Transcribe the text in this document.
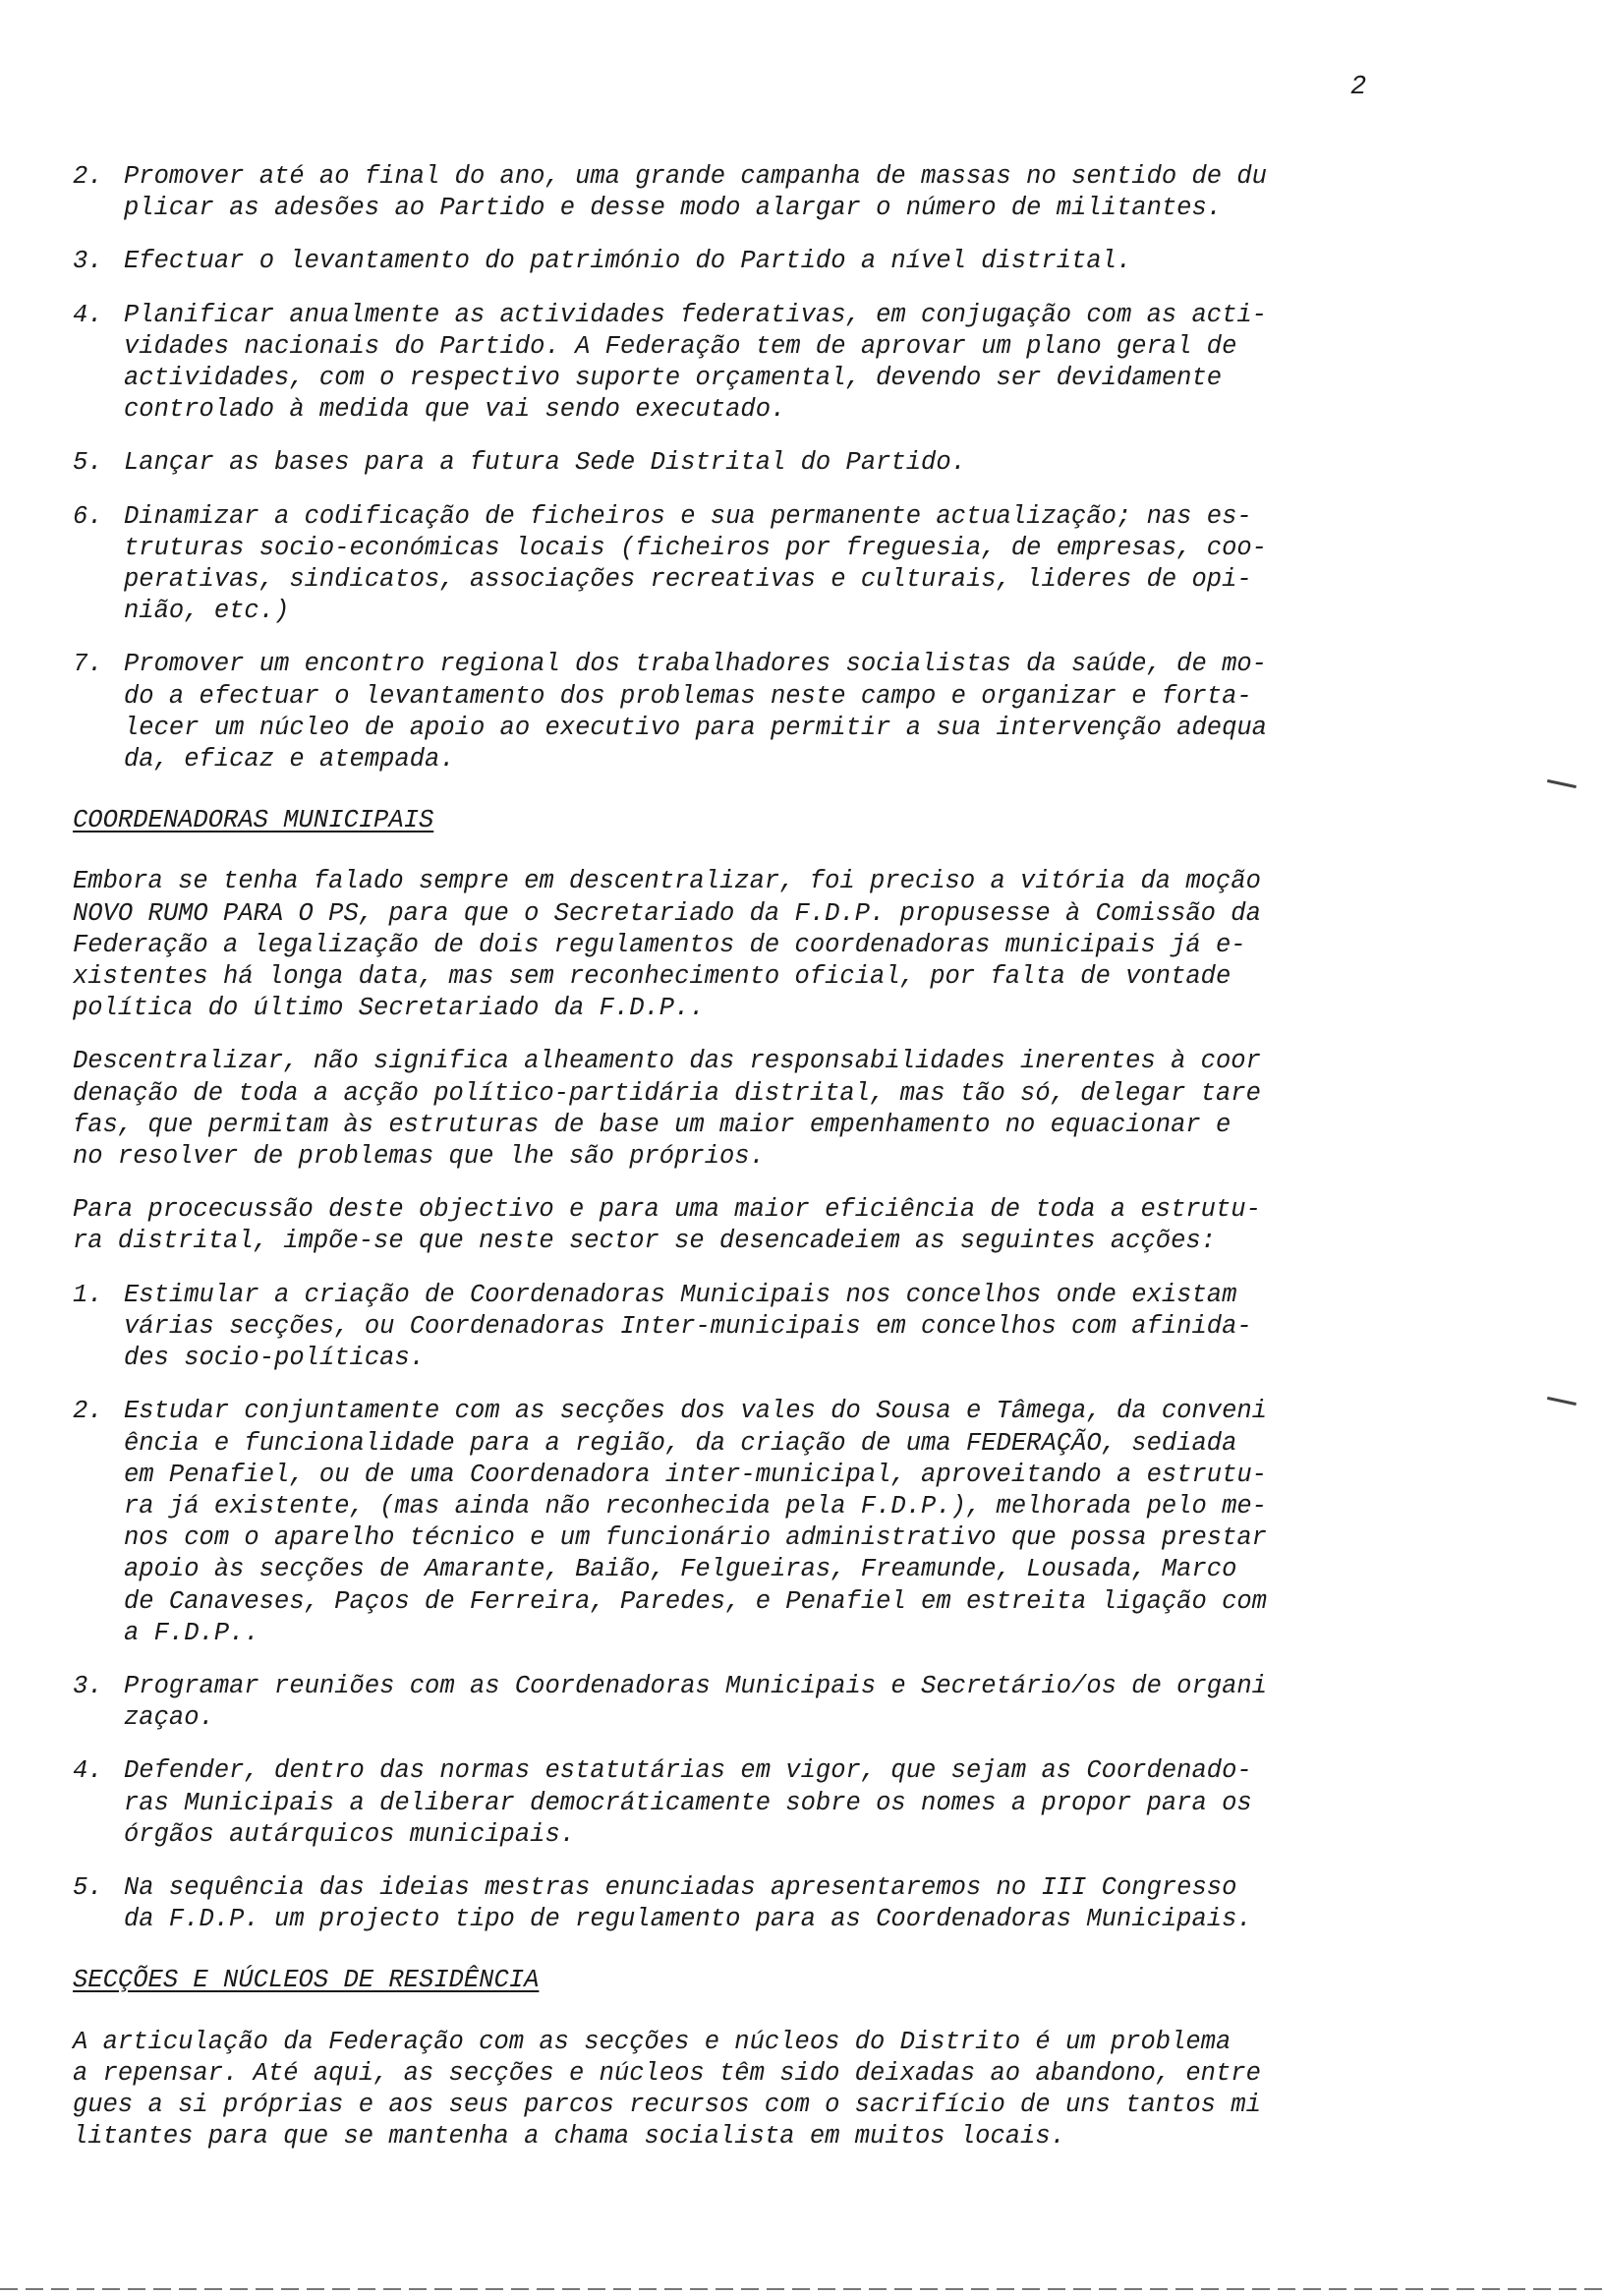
2
2. Promover até ao final do ano, uma grande campanha de massas no sentido de du
plicar as adesões ao Partido e desse modo alargar o número de militantes.
3. Efectuar o levantamento do património do Partido a nível distrital.
4. Planificar anualmente as actividades federativas, em conjugação com as acti-
vidades nacionais do Partido. A Federação tem de aprovar um plano geral de
actividades, com o respectivo suporte orçamental, devendo ser devidamente
controlado à medida que vai sendo executado.
5. Lançar as bases para a futura Sede Distrital do Partido.
6. Dinamizar a codificação de ficheiros e sua permanente actualização; nas es-
truturas socio-económicas locais (ficheiros por freguesia, de empresas, coo-
perativas, sindicatos, associações recreativas e culturais, lideres de opi-
nião, etc.)
7. Promover um encontro regional dos trabalhadores socialistas da saúde, de mo-
do a efectuar o levantamento dos problemas neste campo e organizar e forta-
lecer um núcleo de apoio ao executivo para permitir a sua intervenção adequa
da, eficaz e atempada.
COORDENADORAS MUNICIPAIS
Embora se tenha falado sempre em descentralizar, foi preciso a vitória da moção
NOVO RUMO PARA O PS, para que o Secretariado da F.D.P. propusesse à Comissão da
Federação a legalização de dois regulamentos de coordenadoras municipais já e-
xistentes há longa data, mas sem reconhecimento oficial, por falta de vontade
política do último Secretariado da F.D.P..
Descentralizar, não significa alheamento das responsabilidades inerentes à coor
denação de toda a acção político-partidária distrital, mas tão só, delegar tare
fas, que permitam às estruturas de base um maior empenhamento no equacionar e
no resolver de problemas que lhe são próprios.
Para procecussão deste objectivo e para uma maior eficiência de toda a estrutu-
ra distrital, impõe-se que neste sector se desencadeiem as seguintes acções:
1. Estimular a criação de Coordenadoras Municipais nos concelhos onde existam
várias secções, ou Coordenadoras Inter-municipais em concelhos com afinida-
des socio-políticas.
2. Estudar conjuntamente com as secções dos vales do Sousa e Tâmega, da conveni
ência e funcionalidade para a região, da criação de uma FEDERAÇÃO, sediada
em Penafiel, ou de uma Coordenadora inter-municipal, aproveitando a estrutu-
ra já existente, (mas ainda não reconhecida pela F.D.P.), melhorada pelo me-
nos com o aparelho técnico e um funcionário administrativo que possa prestar
apoio às secções de Amarante, Baião, Felgueiras, Freamunde, Lousada, Marco
de Canaveses, Paços de Ferreira, Paredes, e Penafiel em estreita ligação com
a F.D.P..
3. Programar reuniões com as Coordenadoras Municipais e Secretário/os de organi
zaçao.
4. Defender, dentro das normas estatutárias em vigor, que sejam as Coordenado-
ras Municipais a deliberar democráticamente sobre os nomes a propor para os
órgãos autárquicos municipais.
5. Na sequência das ideias mestras enunciadas apresentaremos no III Congresso
da F.D.P. um projecto tipo de regulamento para as Coordenadoras Municipais.
SECÇÕES E NÚCLEOS DE RESIDÊNCIA
A articulação da Federação com as secções e núcleos do Distrito é um problema
a repensar. Até aqui, as secções e núcleos têm sido deixadas ao abandono, entre
gues a si próprias e aos seus parcos recursos com o sacrifício de uns tantos mi
litantes para que se mantenha a chama socialista em muitos locais.
